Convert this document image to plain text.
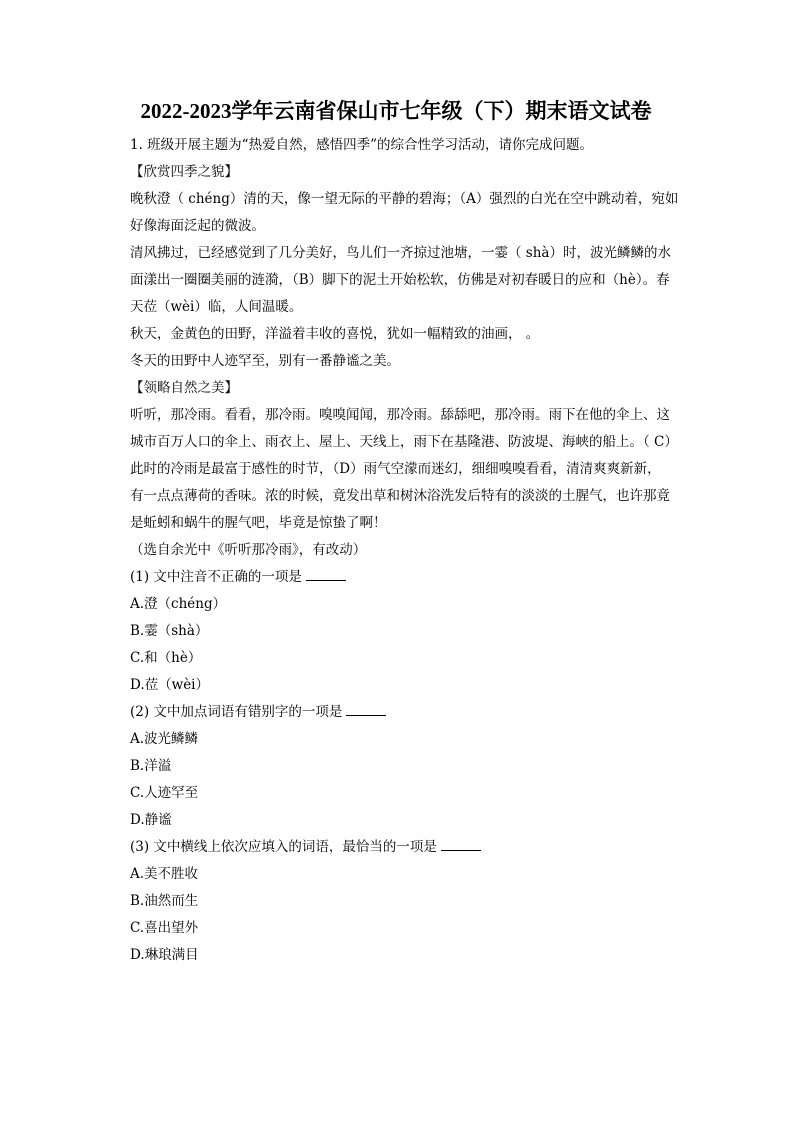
2022-2023学年云南省保山市七年级（下）期末语文试卷
1. 班级开展主题为“热爱自然，感悟四季”的综合性学习活动，请你完成问题。
【欣赏四季之貌】
晚秋澄（ chéng）清的天，像一望无际的平静的碧海；（A）强烈的白光在空中跳动着，宛如
好像海面泛起的微波。
清风拂过，已经感觉到了几分美好，鸟儿们一齐掠过池塘，一霎（ shà）时，波光鳞鳞的水
面漾出一圈圈美丽的涟漪，（B）脚下的泥土开始松软，仿佛是对初春暖日的应和（hè）。春
天莅（wèi）临，人间温暖。
秋天，金黄色的田野，洋溢着丰收的喜悦，犹如一幅精致的油画， 。
冬天的田野中人迹罕至，别有一番静谧之美。
【领略自然之美】
听听，那冷雨。看看，那冷雨。嗅嗅闻闻，那冷雨。舔舔吧，那冷雨。雨下在他的伞上、这
城市百万人口的伞上、雨衣上、屋上、天线上，雨下在基隆港、防波堤、海峡的船上。（ C）
此时的冷雨是最富于感性的时节，（D）雨气空濛而迷幻，细细嗅嗅看看，清清爽爽新新，
有一点点薄荷的香味。浓的时候，竟发出草和树沐浴洗发后特有的淡淡的土腥气，也许那竟
是蚯蚓和蜗牛的腥气吧，毕竟是惊蛰了啊！
（选自余光中《听听那冷雨》，有改动）
(1) 文中注音不正确的一项是
A.澄（chéng）
B.霎（shà）
C.和（hè）
D.莅（wèi）
(2) 文中加点词语有错别字的一项是
A.波光鳞鳞
B.洋溢
C.人迹罕至
D.静谧
(3) 文中横线上依次应填入的词语，最恰当的一项是
A.美不胜收
B.油然而生
C.喜出望外
D.琳琅满目
